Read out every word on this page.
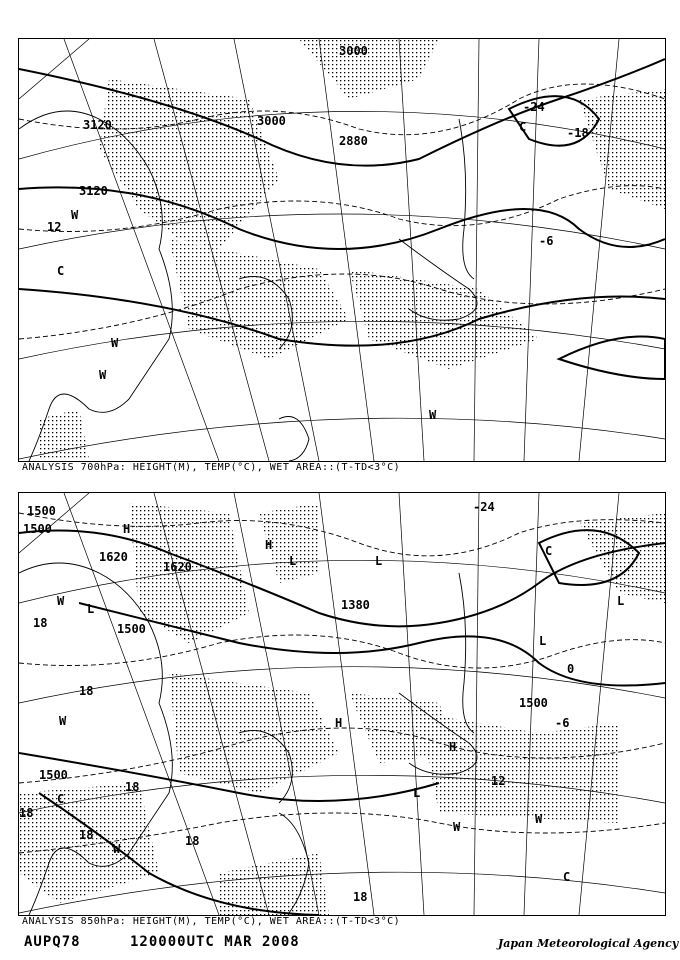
3000
3120
3120
3000
2880
-24
-18
-6
12
C
W
C
W
W
W
ANALYSIS 700hPa: HEIGHT(M), TEMP(°C), WET AREA::(T-TD<3°C)
1500
1500
1620
1620
1500
1380
1500
1500
-24
18
18
18
18
18	18
12
-6
0
18
H
L
W
L
C
H
L
H
L
W
W
L
C
H
W
W
C
L
ANALYSIS 850hPa: HEIGHT(M), TEMP(°C), WET AREA::(T-TD<3°C)
AUPQ78	120000UTC MAR 2008	Japan Meteorological Agency
